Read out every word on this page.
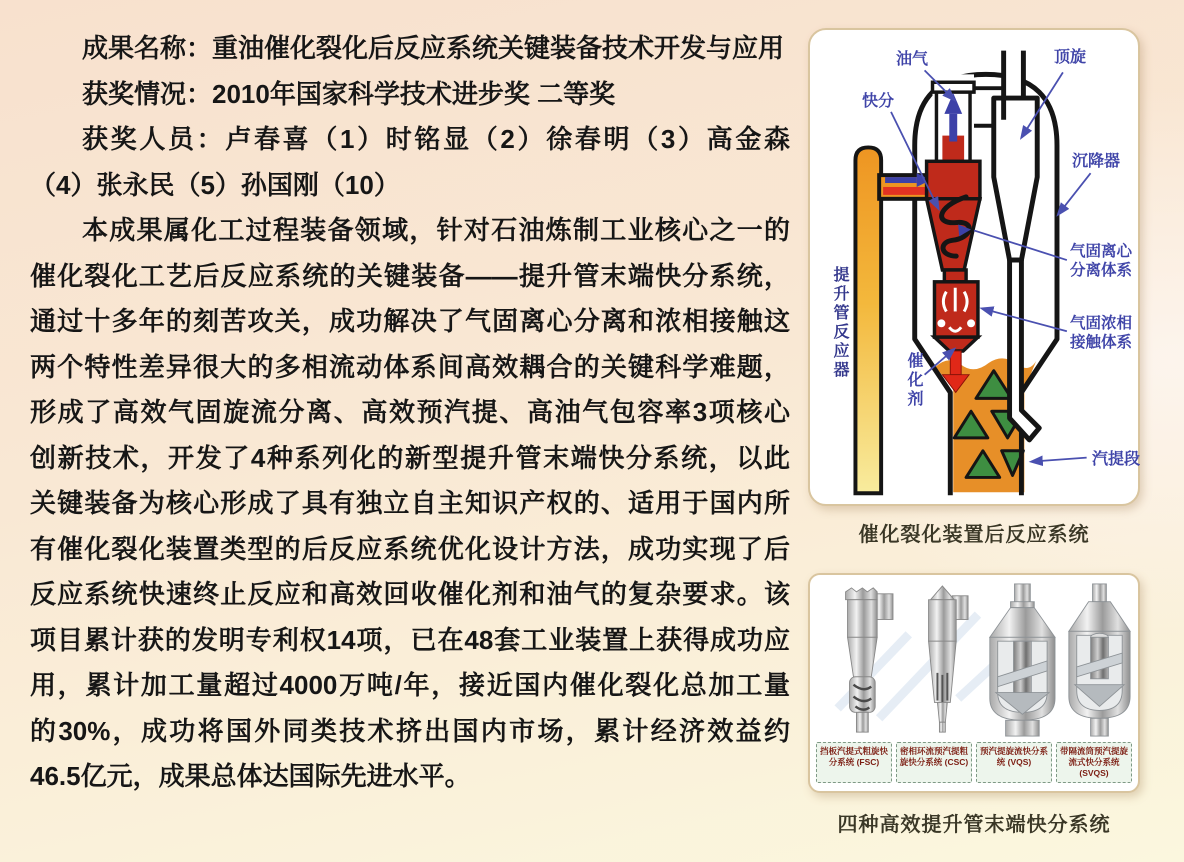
成果名称：重油催化裂化后反应系统关键装备技术开发与应用
获奖情况：2010年国家科学技术进步奖 二等奖
获奖人员：卢春喜（1）时铭显（2）徐春明（3）高金森
（4）张永民（5）孙国刚（10）
本成果属化工过程装备领域，针对石油炼制工业核心之一的
催化裂化工艺后反应系统的关键装备——提升管末端快分系统，
通过十多年的刻苦攻关，成功解决了气固离心分离和浓相接触这
两个特性差异很大的多相流动体系间高效耦合的关键科学难题，
形成了高效气固旋流分离、高效预汽提、高油气包容率3项核心
创新技术，开发了4种系列化的新型提升管末端快分系统，以此
关键装备为核心形成了具有独立自主知识产权的、适用于国内所
有催化裂化装置类型的后反应系统优化设计方法，成功实现了后
反应系统快速终止反应和高效回收催化剂和油气的复杂要求。该
项目累计获的发明专利权14项，已在48套工业装置上获得成功应
用，累计加工量超过4000万吨/年，接近国内催化裂化总加工量
的30%，成功将国外同类技术挤出国内市场，累计经济效益约
46.5亿元，成果总体达国际先进水平。
油气	顶旋
快分
沉降器
提升管反应器
气固离心分离体系
气固浓相接触体系
催化剂
汽提段
催化裂化装置后反应系统
挡板汽提式粗旋快分系统 (FSC)
密相环流预汽提粗旋快分系统 (CSC)
预汽提旋流快分系统 (VQS)
带隔流筒预汽提旋流式快分系统 (SVQS)
四种高效提升管末端快分系统
